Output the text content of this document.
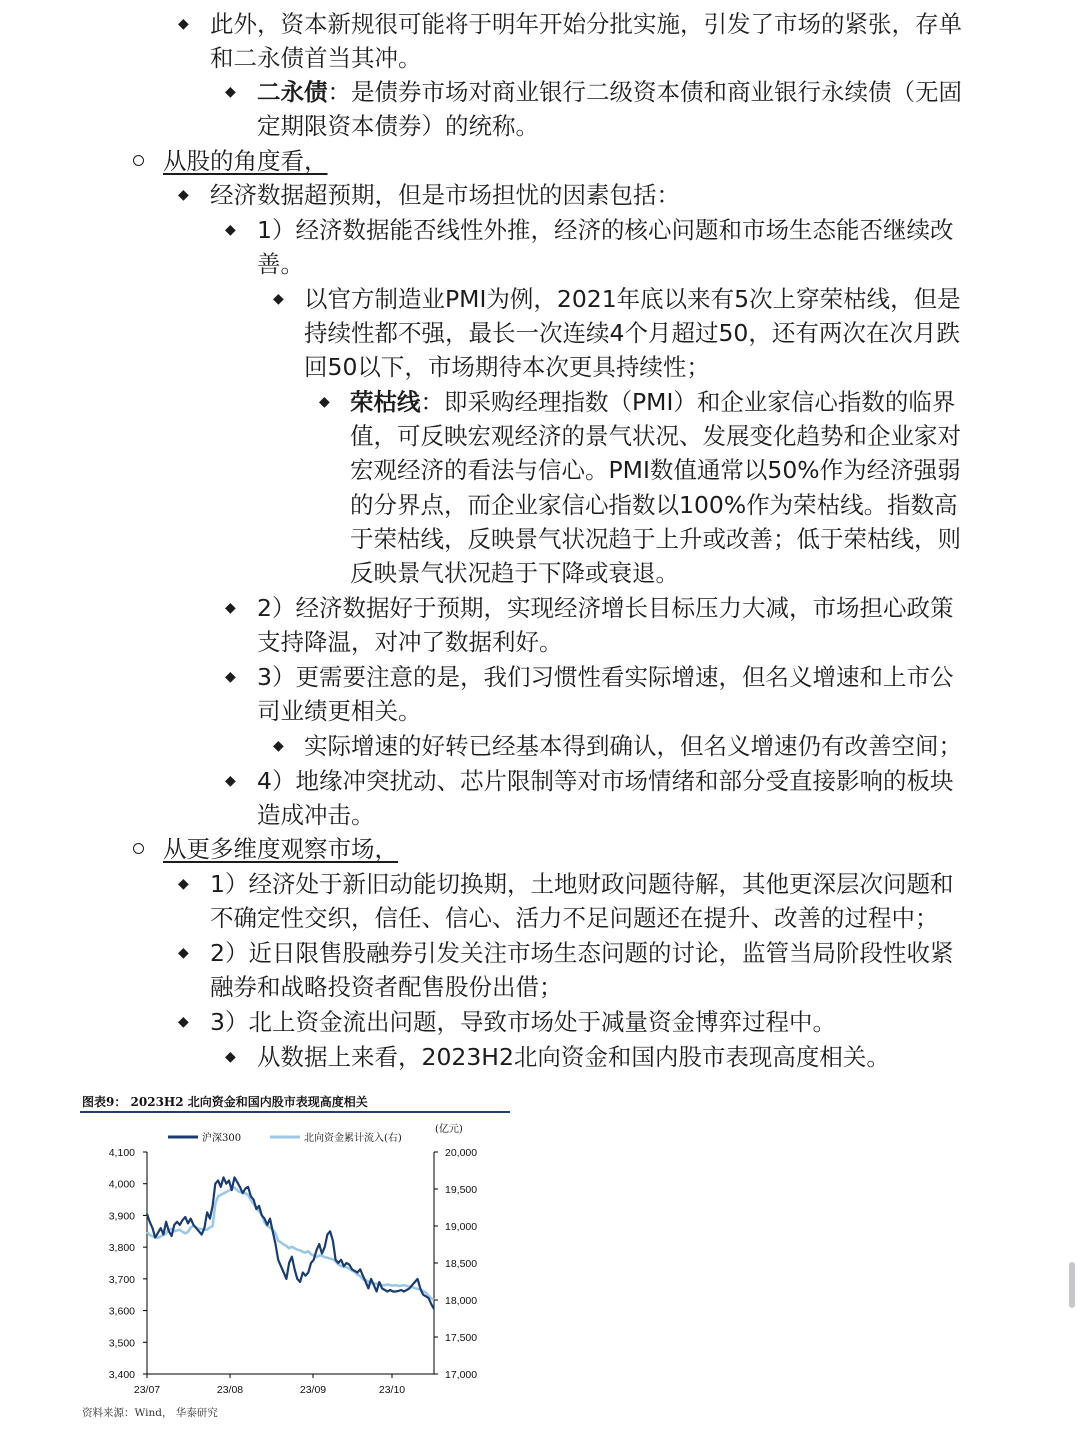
◆ 此外，资本新规很可能将于明年开始分批实施，引发了市场的紧张，存单
和二永债首当其冲。
◆ 二永债：是债券市场对商业银行二级资本债和商业银行永续债（无固
定期限资本债券）的统称。
从股的角度看，
◆ 经济数据超预期，但是市场担忧的因素包括：
◆ 1）经济数据能否线性外推，经济的核心问题和市场生态能否继续改
善。
◆ 以官方制造业PMI为例，2021年底以来有5次上穿荣枯线，但是
持续性都不强，最长一次连续4个月超过50，还有两次在次月跌
回50以下，市场期待本次更具持续性；
◆ 荣枯线：即采购经理指数（PMI）和企业家信心指数的临界
值，可反映宏观经济的景气状况、发展变化趋势和企业家对
宏观经济的看法与信心。PMI数值通常以50%作为经济强弱
的分界点，而企业家信心指数以100%作为荣枯线。指数高
于荣枯线，反映景气状况趋于上升或改善；低于荣枯线，则
反映景气状况趋于下降或衰退。
◆ 2）经济数据好于预期，实现经济增长目标压力大减，市场担心政策
支持降温，对冲了数据利好。
◆ 3）更需要注意的是，我们习惯性看实际增速，但名义增速和上市公
司业绩更相关。
◆ 实际增速的好转已经基本得到确认，但名义增速仍有改善空间；
◆ 4）地缘冲突扰动、芯片限制等对市场情绪和部分受直接影响的板块
造成冲击。
从更多维度观察市场，
◆ 1）经济处于新旧动能切换期，土地财政问题待解，其他更深层次问题和
不确定性交织，信任、信心、活力不足问题还在提升、改善的过程中；
◆ 2）近日限售股融券引发关注市场生态问题的讨论，监管当局阶段性收紧
融券和战略投资者配售股份出借；
◆ 3）北上资金流出问题，导致市场处于减量资金博弈过程中。
◆ 从数据上来看，2023H2北向资金和国内股市表现高度相关。
图表9： 2023H2 北向资金和国内股市表现高度相关
3,400
3,500
3,600
3,700
3,800
3,900
4,000
4,100
17,000
17,500
18,000
18,500
19,000
19,500
20,000
23/07	23/08	23/09	23/10
(亿元)
沪深300	北向资金累计流入(右)
资料来源：Wind， 华泰研究
